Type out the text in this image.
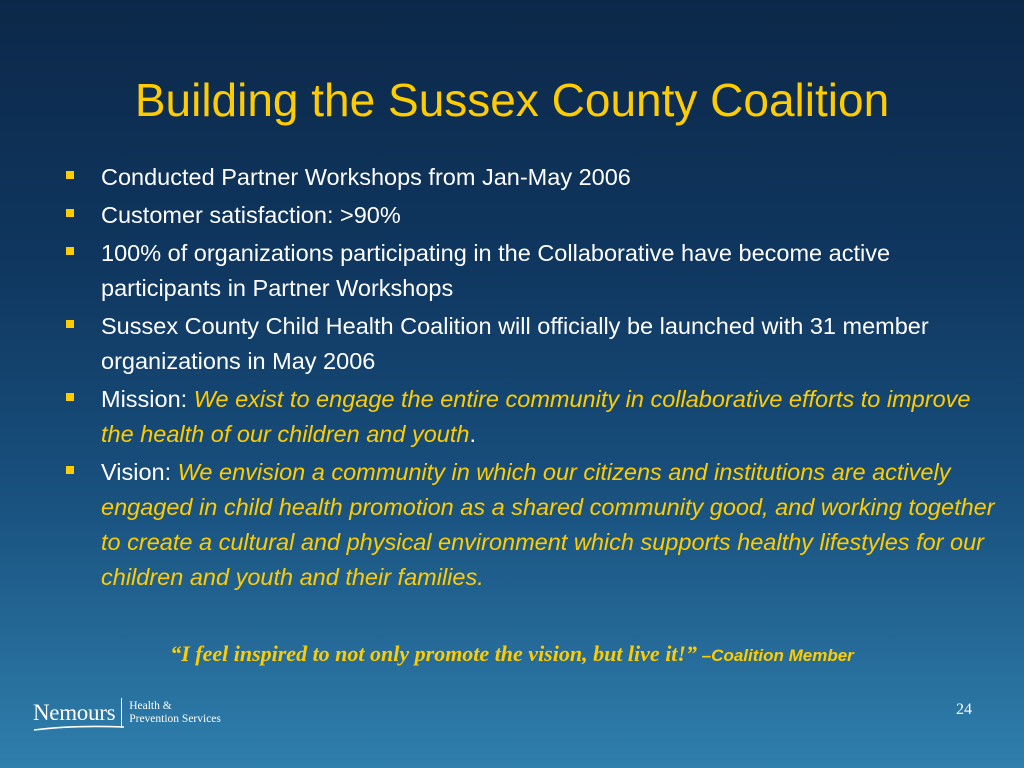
Building the Sussex County Coalition
Conducted Partner Workshops from Jan-May 2006
Customer satisfaction: >90%
100% of organizations participating in the Collaborative have become active participants in Partner Workshops
Sussex County Child Health Coalition will officially be launched with 31 member organizations in May 2006
Mission: We exist to engage the entire community in collaborative efforts to improve the health of our children and youth.
Vision: We envision a community in which our citizens and institutions are actively engaged in child health promotion as a shared community good, and working together to create a cultural and physical environment which supports healthy lifestyles for our children and youth and their families.
“I feel inspired to not only promote the vision, but live it!” –Coalition Member
Nemours Health &
Prevention Services
24
